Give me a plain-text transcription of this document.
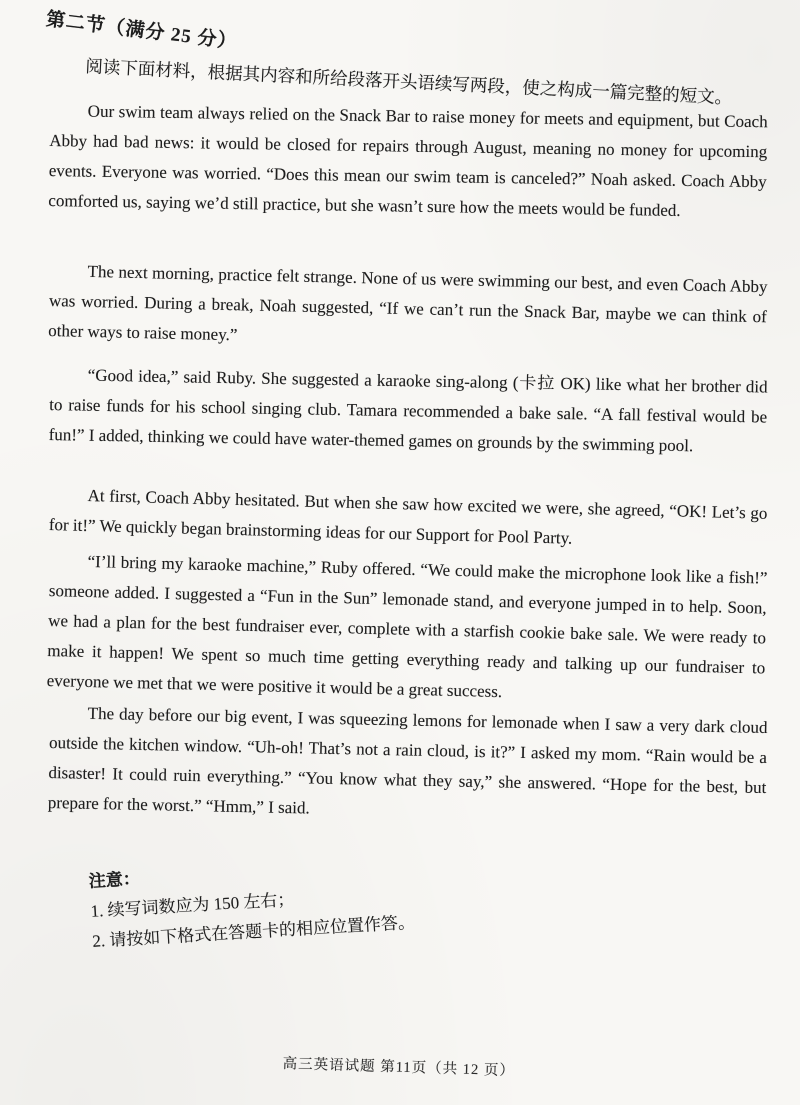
第二节（满分 25 分）
阅读下面材料，根据其内容和所给段落开头语续写两段，使之构成一篇完整的短文。
Our swim team always relied on the Snack Bar to raise money for meets and equipment, but Coach Abby had bad news: it would be closed for repairs through August, meaning no money for upcoming events. Everyone was worried. “Does this mean our swim team is canceled?” Noah asked. Coach Abby comforted us, saying we’d still practice, but she wasn’t sure how the meets would be funded.
The next morning, practice felt strange. None of us were swimming our best, and even Coach Abby was worried. During a break, Noah suggested, “If we can’t run the Snack Bar, maybe we can think of other ways to raise money.”
“Good idea,” said Ruby. She suggested a karaoke sing-along (卡拉 OK) like what her brother did to raise funds for his school singing club. Tamara recommended a bake sale. “A fall festival would be fun!” I added, thinking we could have water-themed games on grounds by the swimming pool.
At first, Coach Abby hesitated. But when she saw how excited we were, she agreed, “OK! Let’s go for it!” We quickly began brainstorming ideas for our Support for Pool Party.
“I’ll bring my karaoke machine,” Ruby offered. “We could make the microphone look like a fish!” someone added. I suggested a “Fun in the Sun” lemonade stand, and everyone jumped in to help. Soon, we had a plan for the best fundraiser ever, complete with a starfish cookie bake sale. We were ready to make it happen! We spent so much time getting everything ready and talking up our fundraiser to everyone we met that we were positive it would be a great success.
The day before our big event, I was squeezing lemons for lemonade when I saw a very dark cloud outside the kitchen window. “Uh-oh! That’s not a rain cloud, is it?” I asked my mom. “Rain would be a disaster! It could ruin everything.” “You know what they say,” she answered. “Hope for the best, but prepare for the worst.” “Hmm,” I said.
注意：
1. 续写词数应为 150 左右；
2. 请按如下格式在答题卡的相应位置作答。
高三英语试题 第11页（共 12 页）
